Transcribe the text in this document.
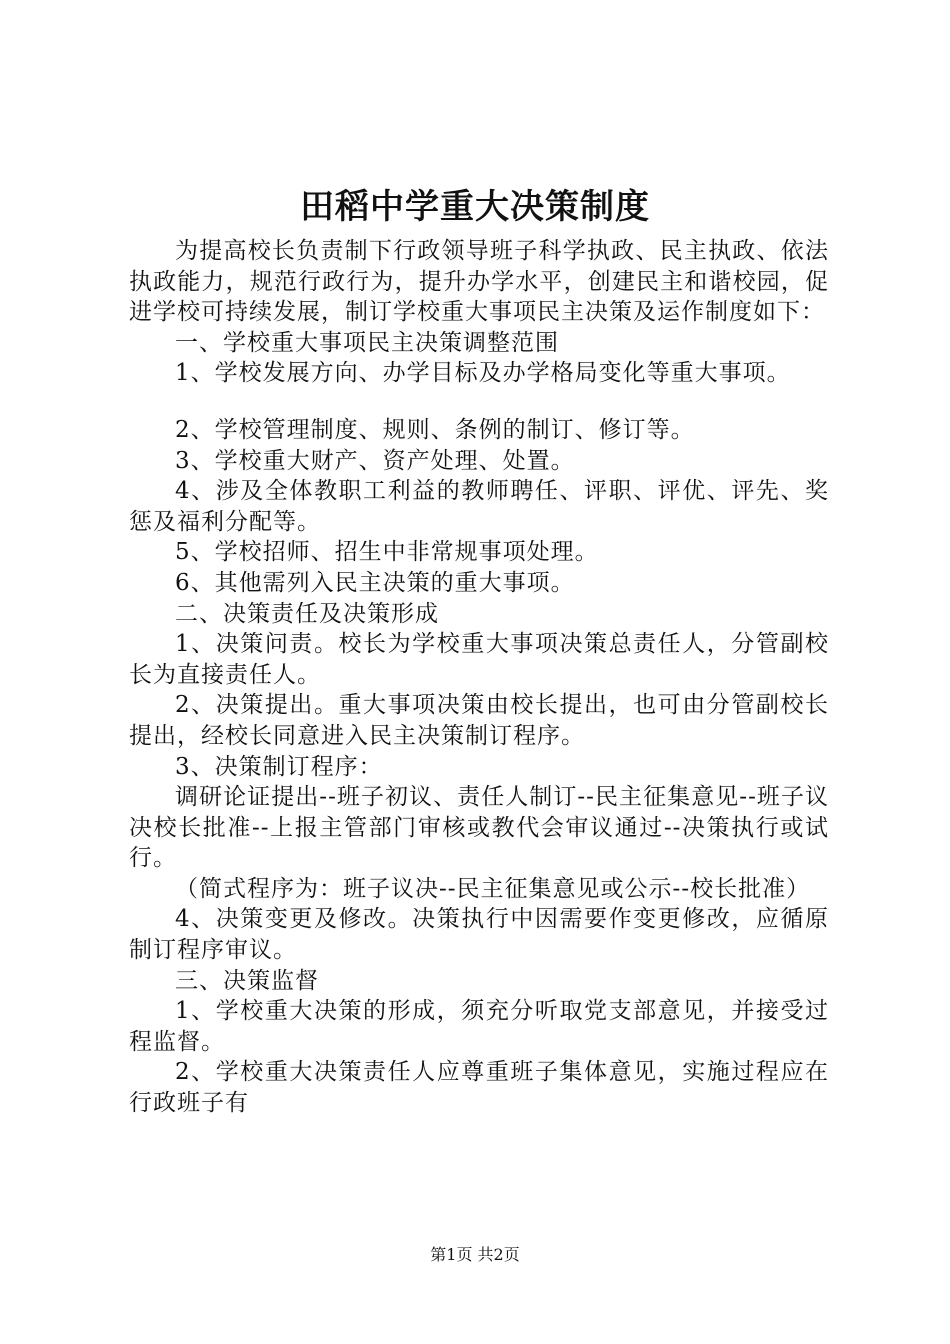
田稻中学重大决策制度

为提高校长负责制下行政领导班子科学执政、民主执政、依法执政能力，规范行政行为，提升办学水平，创建民主和谐校园，促进学校可持续发展，制订学校重大事项民主决策及运作制度如下：

一、学校重大事项民主决策调整范围

1、学校发展方向、办学目标及办学格局变化等重大事项。

2、学校管理制度、规则、条例的制订、修订等。

3、学校重大财产、资产处理、处置。

4、涉及全体教职工利益的教师聘任、评职、评优、评先、奖惩及福利分配等。

5、学校招师、招生中非常规事项处理。

6、其他需列入民主决策的重大事项。

二、决策责任及决策形成

1、决策问责。校长为学校重大事项决策总责任人，分管副校长为直接责任人。

2、决策提出。重大事项决策由校长提出，也可由分管副校长提出，经校长同意进入民主决策制订程序。

3、决策制订程序：

调研论证提出--班子初议、责任人制订--民主征集意见--班子议决校长批准--上报主管部门审核或教代会审议通过--决策执行或试行。

（简式程序为：班子议决--民主征集意见或公示--校长批准）

4、决策变更及修改。决策执行中因需要作变更修改，应循原制订程序审议。

三、决策监督

1、学校重大决策的形成，须充分听取党支部意见，并接受过程监督。

2、学校重大决策责任人应尊重班子集体意见，实施过程应在行政班子有

第1页 共2页
